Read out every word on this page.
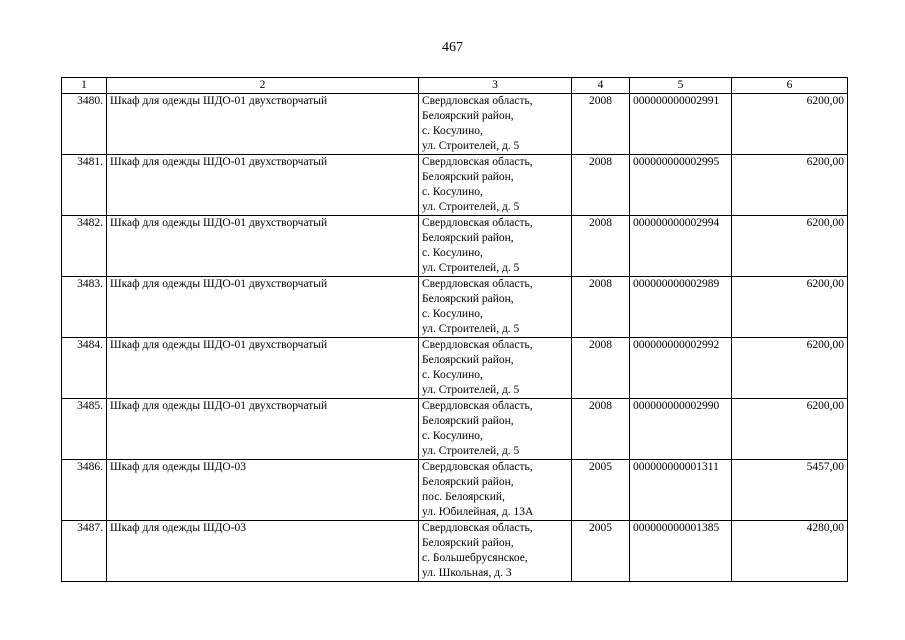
467
1	2	3	4	5	6
3480.	Шкаф для одежды ШДО-01 двухстворчатый	Свердловская область,
Белоярский район,
с. Косулино,
ул. Строителей, д. 5	2008	000000000002991	6200,00
3481.	Шкаф для одежды ШДО-01 двухстворчатый	Свердловская область,
Белоярский район,
с. Косулино,
ул. Строителей, д. 5	2008	000000000002995	6200,00
3482.	Шкаф для одежды ШДО-01 двухстворчатый	Свердловская область,
Белоярский район,
с. Косулино,
ул. Строителей, д. 5	2008	000000000002994	6200,00
3483.	Шкаф для одежды ШДО-01 двухстворчатый	Свердловская область,
Белоярский район,
с. Косулино,
ул. Строителей, д. 5	2008	000000000002989	6200,00
3484.	Шкаф для одежды ШДО-01 двухстворчатый	Свердловская область,
Белоярский район,
с. Косулино,
ул. Строителей, д. 5	2008	000000000002992	6200,00
3485.	Шкаф для одежды ШДО-01 двухстворчатый	Свердловская область,
Белоярский район,
с. Косулино,
ул. Строителей, д. 5	2008	000000000002990	6200,00
3486.	Шкаф для одежды ШДО-03	Свердловская область,
Белоярский район,
пос. Белоярский,
ул. Юбилейная, д. 13А	2005	000000000001311	5457,00
3487.	Шкаф для одежды ШДО-03	Свердловская область,
Белоярский район,
с. Большебрусянское,
ул. Школьная, д. 3	2005	000000000001385	4280,00
